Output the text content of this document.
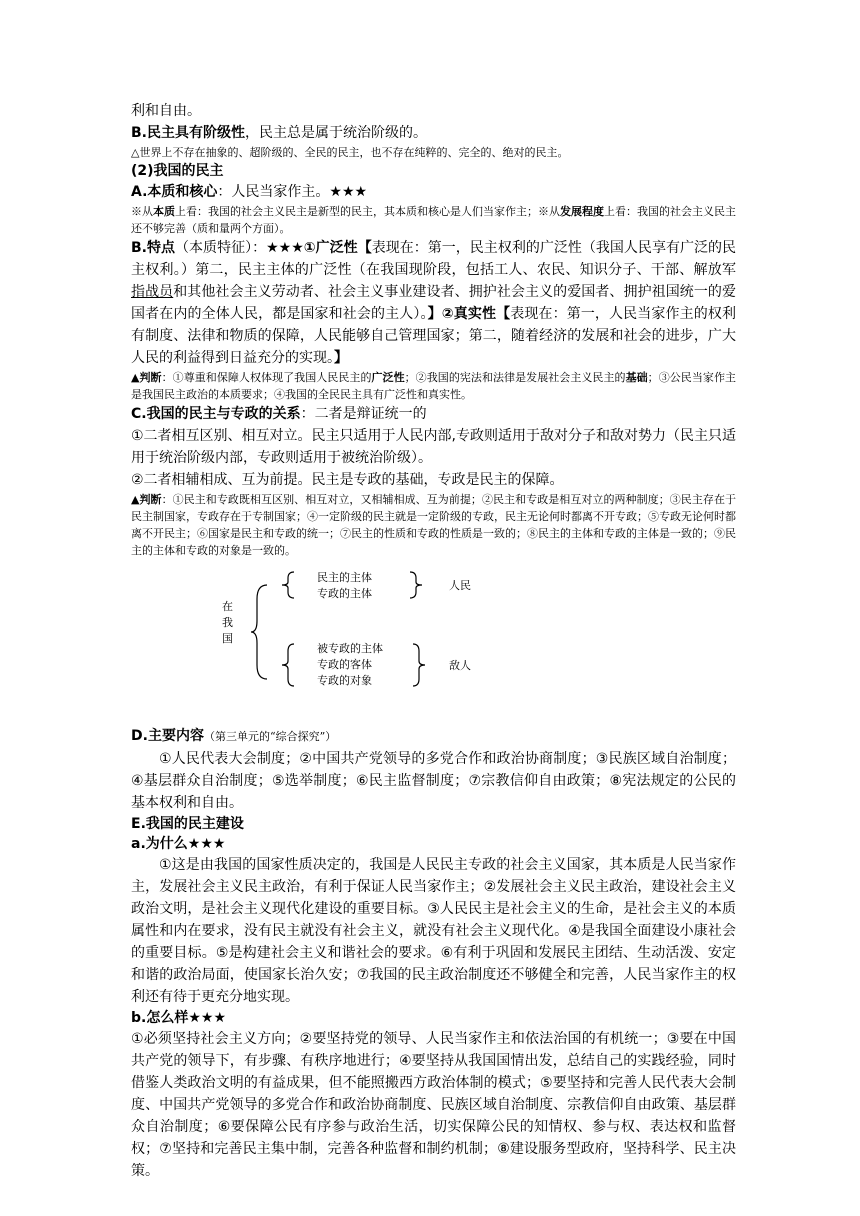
利和自由。

B.民主具有阶级性，民主总是属于统治阶级的。

△世界上不存在抽象的、超阶级的、全民的民主，也不存在纯粹的、完全的、绝对的民主。

(2)我国的民主

A.本质和核心：人民当家作主。★★★

※从本质上看：我国的社会主义民主是新型的民主，其本质和核心是人们当家作主；※从发展程度上看：我国的社会主义民主还不够完善（质和量两个方面）。

B.特点（本质特征）：★★★①广泛性【表现在：第一，民主权利的广泛性（我国人民享有广泛的民主权利。）第二，民主主体的广泛性（在我国现阶段，包括工人、农民、知识分子、干部、解放军指战员和其他社会主义劳动者、社会主义事业建设者、拥护社会主义的爱国者、拥护祖国统一的爱国者在内的全体人民，都是国家和社会的主人）。】②真实性【表现在：第一，人民当家作主的权利有制度、法律和物质的保障，人民能够自己管理国家；第二，随着经济的发展和社会的进步，广大人民的利益得到日益充分的实现。】

▲判断：①尊重和保障人权体现了我国人民民主的广泛性；②我国的宪法和法律是发展社会主义民主的基础；③公民当家作主是我国民主政治的本质要求；④我国的全民民主具有广泛性和真实性。

C.我国的民主与专政的关系：二者是辩证统一的

①二者相互区别、相互对立。民主只适用于人民内部,专政则适用于敌对分子和敌对势力（民主只适用于统治阶级内部，专政则适用于被统治阶级）。

②二者相辅相成、互为前提。民主是专政的基础，专政是民主的保障。

▲判断：①民主和专政既相互区别、相互对立，又相辅相成、互为前提；②民主和专政是相互对立的两种制度；③民主存在于民主制国家，专政存在于专制国家；④一定阶级的民主就是一定阶级的专政，民主无论何时都离不开专政；⑤专政无论何时都离不开民主；⑥国家是民主和专政的统一；⑦民主的性质和专政的性质是一致的；⑧民主的主体和专政的主体是一致的；⑨民主的主体和专政的对象是一致的。

在
我
国
民主的主体
专政的主体
人民
被专政的主体
专政的客体
专政的对象
敌人

D.主要内容（第三单元的“综合探究”）

①人民代表大会制度；②中国共产党领导的多党合作和政治协商制度；③民族区域自治制度；④基层群众自治制度；⑤选举制度；⑥民主监督制度；⑦宗教信仰自由政策；⑧宪法规定的公民的基本权利和自由。

E.我国的民主建设

a.为什么★★★

①这是由我国的国家性质决定的，我国是人民民主专政的社会主义国家，其本质是人民当家作主，发展社会主义民主政治，有利于保证人民当家作主；②发展社会主义民主政治，建设社会主义政治文明，是社会主义现代化建设的重要目标。③人民民主是社会主义的生命，是社会主义的本质属性和内在要求，没有民主就没有社会主义，就没有社会主义现代化。④是我国全面建设小康社会的重要目标。⑤是构建社会主义和谐社会的要求。⑥有利于巩固和发展民主团结、生动活泼、安定和谐的政治局面，使国家长治久安；⑦我国的民主政治制度还不够健全和完善，人民当家作主的权利还有待于更充分地实现。

b.怎么样★★★

①必须坚持社会主义方向；②要坚持党的领导、人民当家作主和依法治国的有机统一；③要在中国共产党的领导下，有步骤、有秩序地进行；④要坚持从我国国情出发，总结自己的实践经验，同时借鉴人类政治文明的有益成果，但不能照搬西方政治体制的模式；⑤要坚持和完善人民代表大会制度、中国共产党领导的多党合作和政治协商制度、民族区域自治制度、宗教信仰自由政策、基层群众自治制度；⑥要保障公民有序参与政治生活，切实保障公民的知情权、参与权、表达权和监督权；⑦坚持和完善民主集中制，完善各种监督和制约机制；⑧建设服务型政府，坚持科学、民主决策。
